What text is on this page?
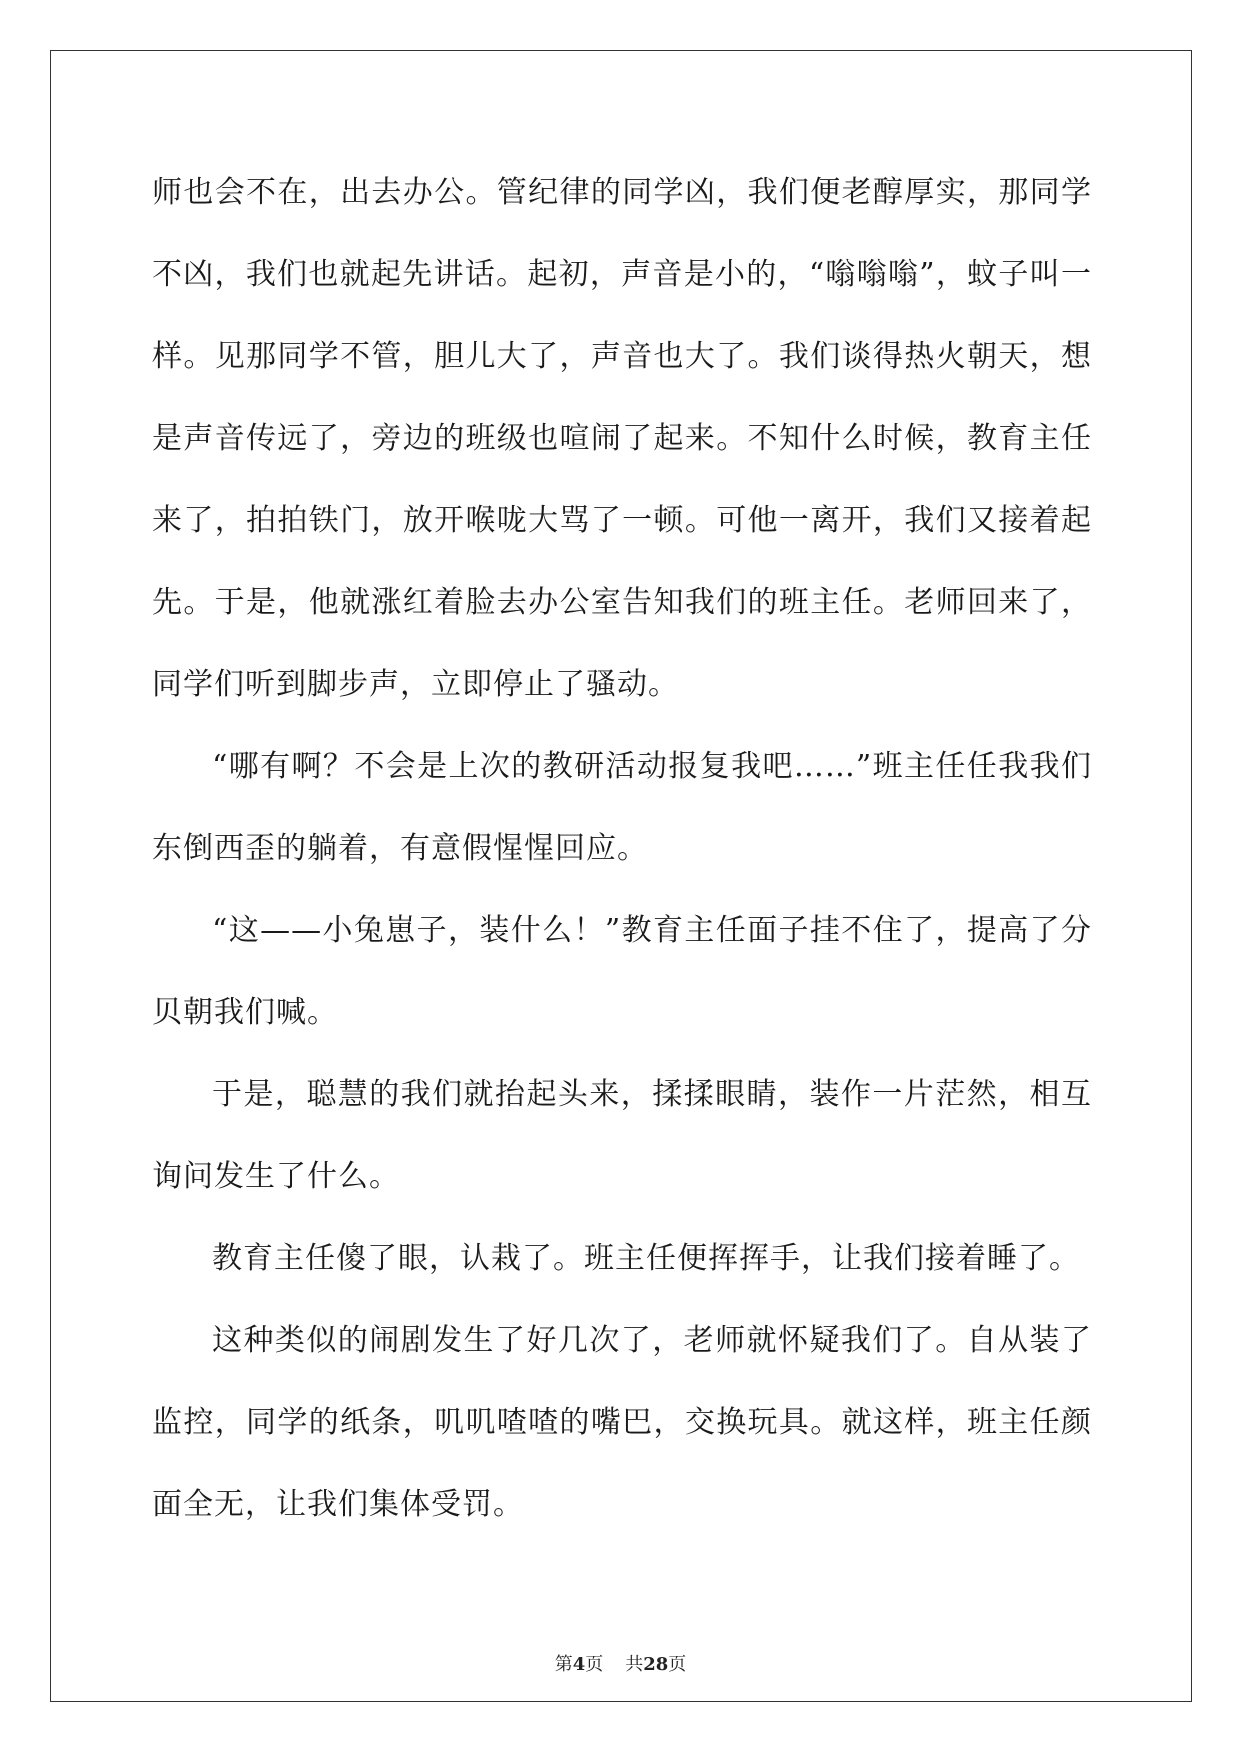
师也会不在，出去办公。管纪律的同学凶，我们便老醇厚实，那同学不凶，我们也就起先讲话。起初，声音是小的，“嗡嗡嗡”，蚊子叫一样。见那同学不管，胆儿大了，声音也大了。我们谈得热火朝天，想是声音传远了，旁边的班级也喧闹了起来。不知什么时候，教育主任来了，拍拍铁门，放开喉咙大骂了一顿。可他一离开，我们又接着起先。于是，他就涨红着脸去办公室告知我们的班主任。老师回来了，同学们听到脚步声，立即停止了骚动。

“哪有啊？不会是上次的教研活动报复我吧……”班主任任我我们东倒西歪的躺着，有意假惺惺回应。

“这——小兔崽子，装什么！”教育主任面子挂不住了，提高了分贝朝我们喊。

于是，聪慧的我们就抬起头来，揉揉眼睛，装作一片茫然，相互询问发生了什么。

教育主任傻了眼，认栽了。班主任便挥挥手，让我们接着睡了。

这种类似的闹剧发生了好几次了，老师就怀疑我们了。自从装了监控，同学的纸条，叽叽喳喳的嘴巴，交换玩具。就这样，班主任颜面全无，让我们集体受罚。

第4页 共28页
